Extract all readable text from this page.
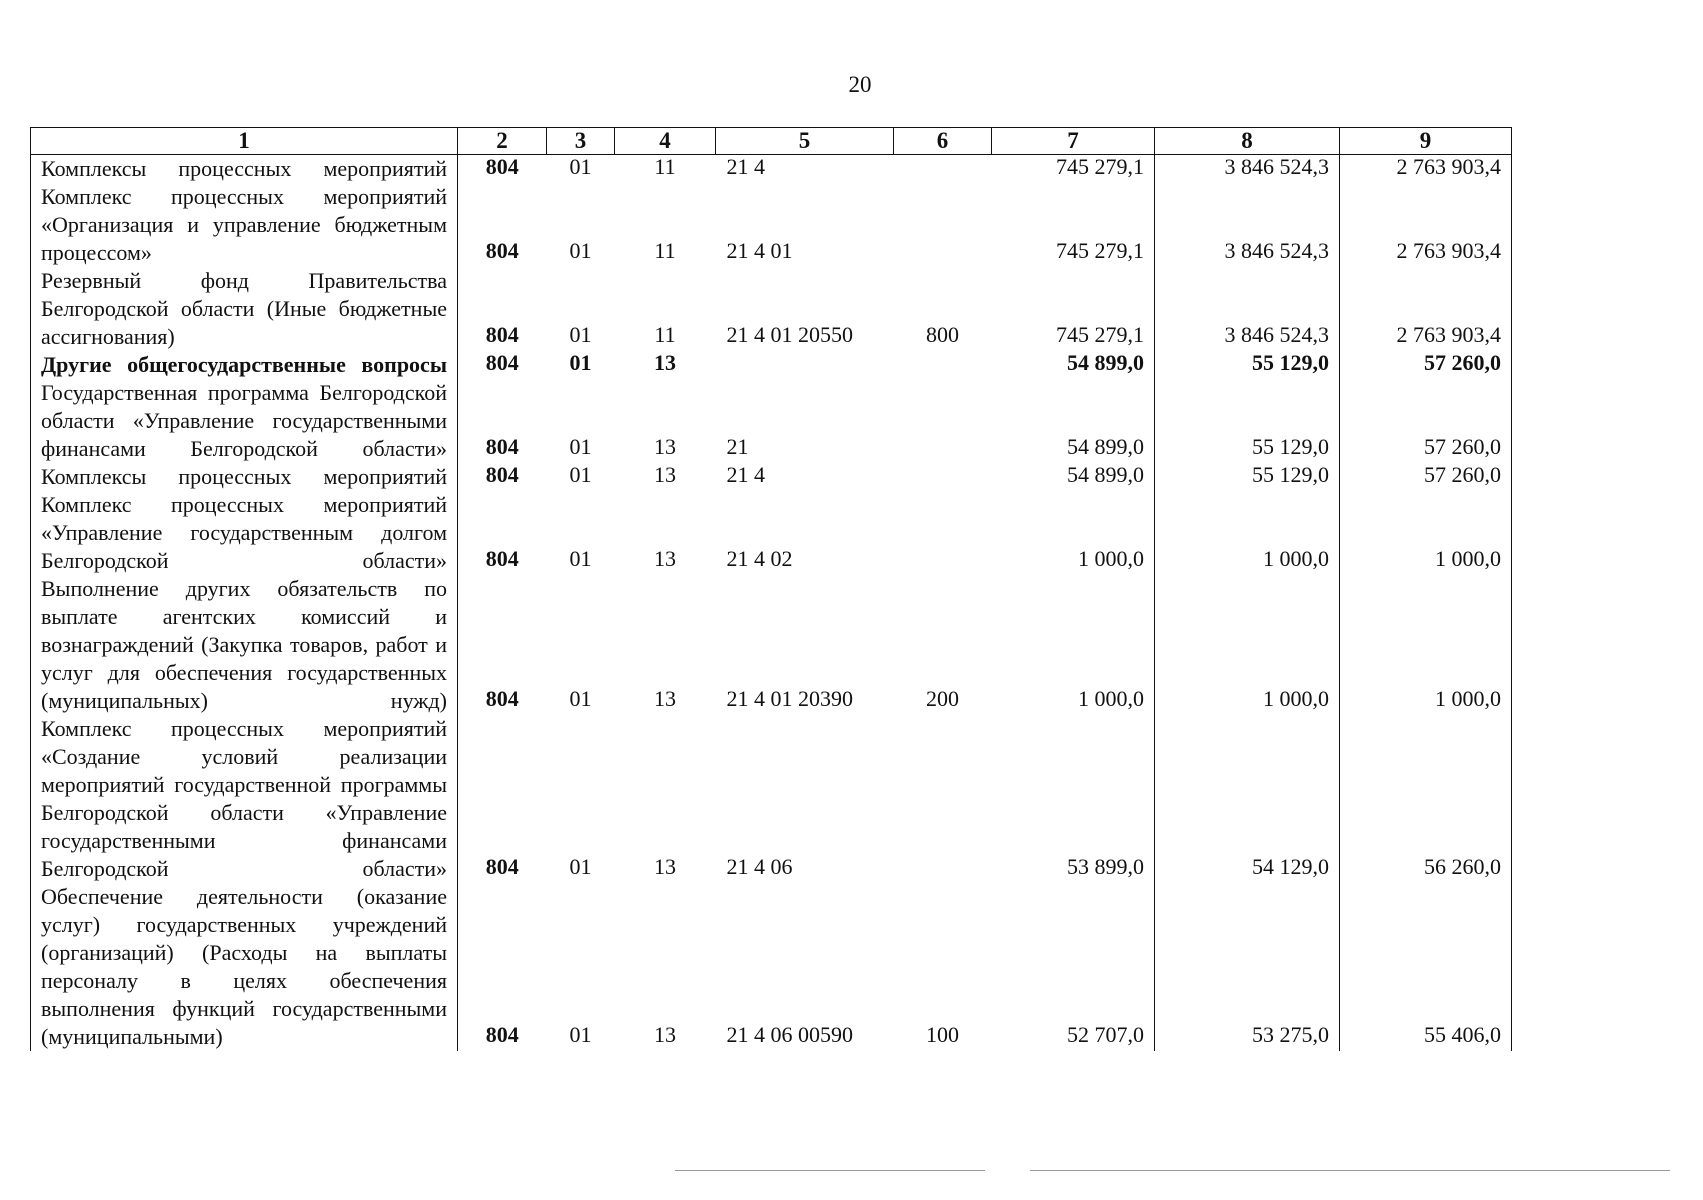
20
1	2	3	4	5	6	7	8	9
Комплексы процессных мероприятий	804	01	11	21 4		745 279,1	3 846 524,3	2 763 903,4
Комплекс процессных мероприятий «Организация и управление бюджетным процессом»	804	01	11	21 4 01		745 279,1	3 846 524,3	2 763 903,4
Резервный фонд Правительства Белгородской области (Иные бюджетные ассигнования)	804	01	11	21 4 01 20550	800	745 279,1	3 846 524,3	2 763 903,4
Другие общегосударственные вопросы	804	01	13			54 899,0	55 129,0	57 260,0
Государственная программа Белгородской области «Управление государственными финансами Белгородской области»	804	01	13	21		54 899,0	55 129,0	57 260,0
Комплексы процессных мероприятий	804	01	13	21 4		54 899,0	55 129,0	57 260,0
Комплекс процессных мероприятий «Управление государственным долгом Белгородской области»	804	01	13	21 4 02		1 000,0	1 000,0	1 000,0
Выполнение других обязательств по выплате агентских комиссий и вознаграждений (Закупка товаров, работ и услуг для обеспечения государственных (муниципальных) нужд)	804	01	13	21 4 01 20390	200	1 000,0	1 000,0	1 000,0
Комплекс процессных мероприятий «Создание условий реализации мероприятий государственной программы Белгородской области «Управление государственными финансами Белгородской области»	804	01	13	21 4 06		53 899,0	54 129,0	56 260,0
Обеспечение деятельности (оказание услуг) государственных учреждений (организаций) (Расходы на выплаты персоналу в целях обеспечения выполнения функций государственными (муниципальными)	804	01	13	21 4 06 00590	100	52 707,0	53 275,0	55 406,0
